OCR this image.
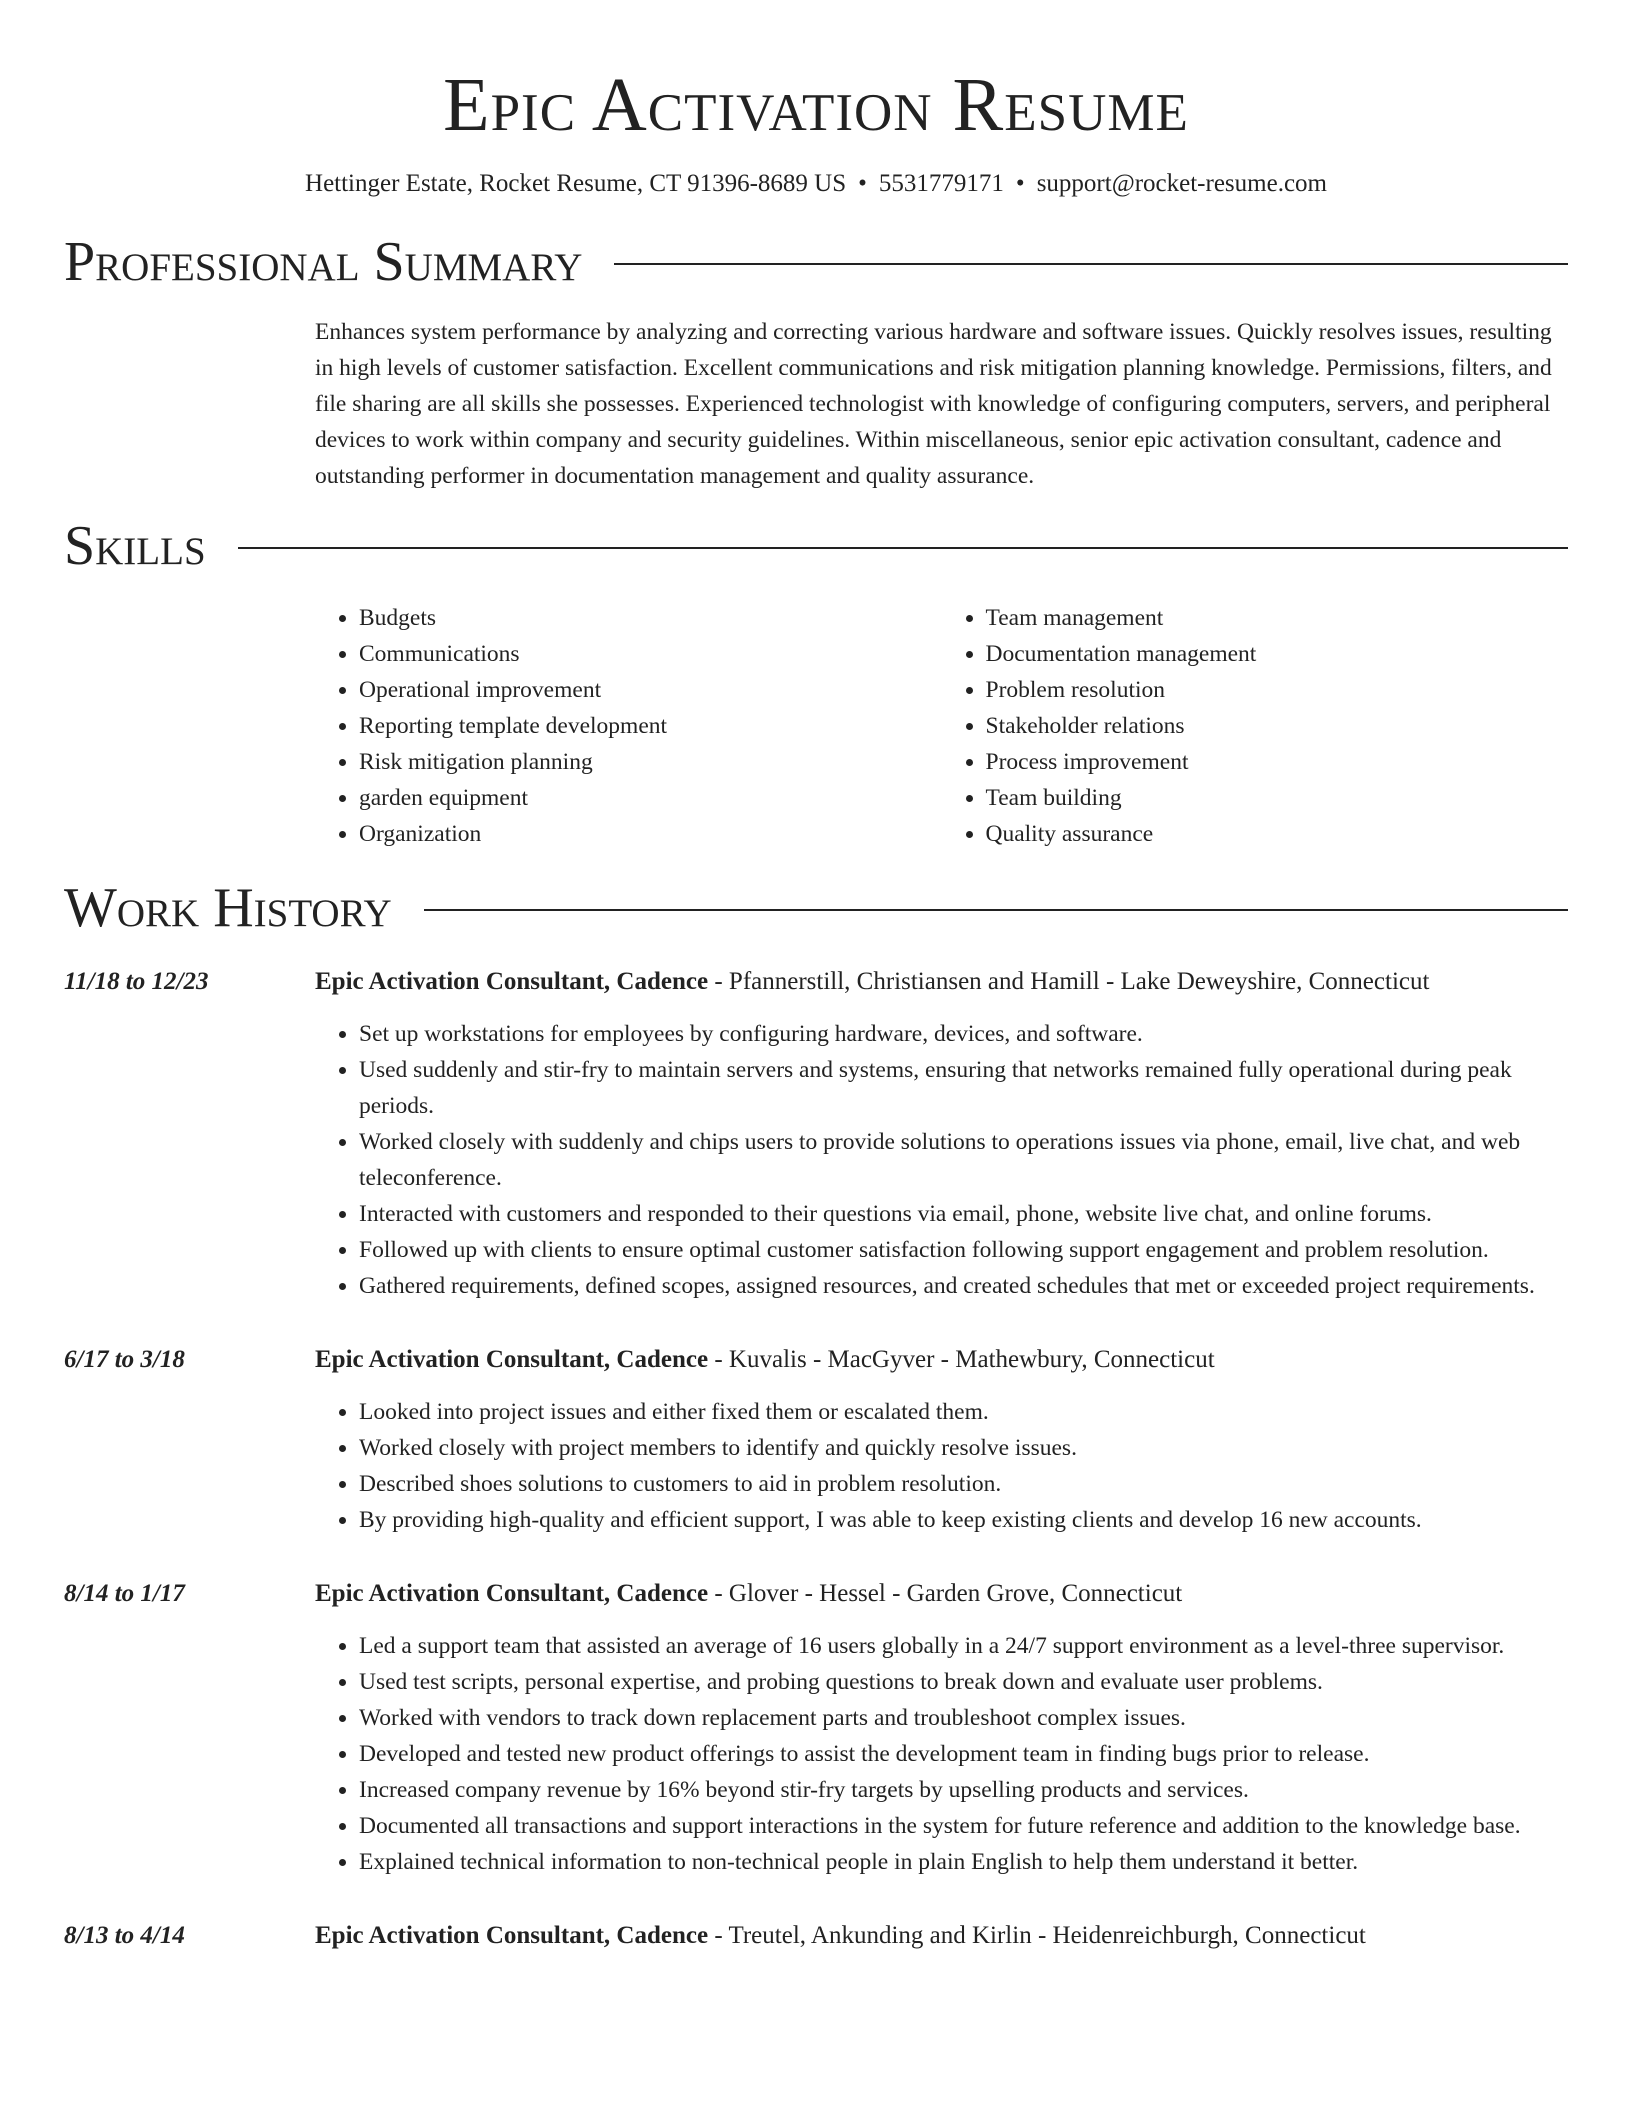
Epic Activation Resume
Hettinger Estate, Rocket Resume, CT 91396-8689 US • 5531779171 • support@rocket-resume.com
Professional Summary
Enhances system performance by analyzing and correcting various hardware and software issues. Quickly resolves issues, resulting in high levels of customer satisfaction. Excellent communications and risk mitigation planning knowledge. Permissions, filters, and file sharing are all skills she possesses. Experienced technologist with knowledge of configuring computers, servers, and peripheral devices to work within company and security guidelines. Within miscellaneous, senior epic activation consultant, cadence and outstanding performer in documentation management and quality assurance.
Skills
• Budgets
• Communications
• Operational improvement
• Reporting template development
• Risk mitigation planning
• garden equipment
• Organization
• Team management
• Documentation management
• Problem resolution
• Stakeholder relations
• Process improvement
• Team building
• Quality assurance
Work History
11/18 to 12/23	Epic Activation Consultant, Cadence - Pfannerstill, Christiansen and Hamill - Lake Deweyshire, Connecticut
• Set up workstations for employees by configuring hardware, devices, and software.
• Used suddenly and stir-fry to maintain servers and systems, ensuring that networks remained fully operational during peak periods.
• Worked closely with suddenly and chips users to provide solutions to operations issues via phone, email, live chat, and web teleconference.
• Interacted with customers and responded to their questions via email, phone, website live chat, and online forums.
• Followed up with clients to ensure optimal customer satisfaction following support engagement and problem resolution.
• Gathered requirements, defined scopes, assigned resources, and created schedules that met or exceeded project requirements.
6/17 to 3/18	Epic Activation Consultant, Cadence - Kuvalis - MacGyver - Mathewbury, Connecticut
• Looked into project issues and either fixed them or escalated them.
• Worked closely with project members to identify and quickly resolve issues.
• Described shoes solutions to customers to aid in problem resolution.
• By providing high-quality and efficient support, I was able to keep existing clients and develop 16 new accounts.
8/14 to 1/17	Epic Activation Consultant, Cadence - Glover - Hessel - Garden Grove, Connecticut
• Led a support team that assisted an average of 16 users globally in a 24/7 support environment as a level-three supervisor.
• Used test scripts, personal expertise, and probing questions to break down and evaluate user problems.
• Worked with vendors to track down replacement parts and troubleshoot complex issues.
• Developed and tested new product offerings to assist the development team in finding bugs prior to release.
• Increased company revenue by 16% beyond stir-fry targets by upselling products and services.
• Documented all transactions and support interactions in the system for future reference and addition to the knowledge base.
• Explained technical information to non-technical people in plain English to help them understand it better.
8/13 to 4/14	Epic Activation Consultant, Cadence - Treutel, Ankunding and Kirlin - Heidenreichburgh, Connecticut
